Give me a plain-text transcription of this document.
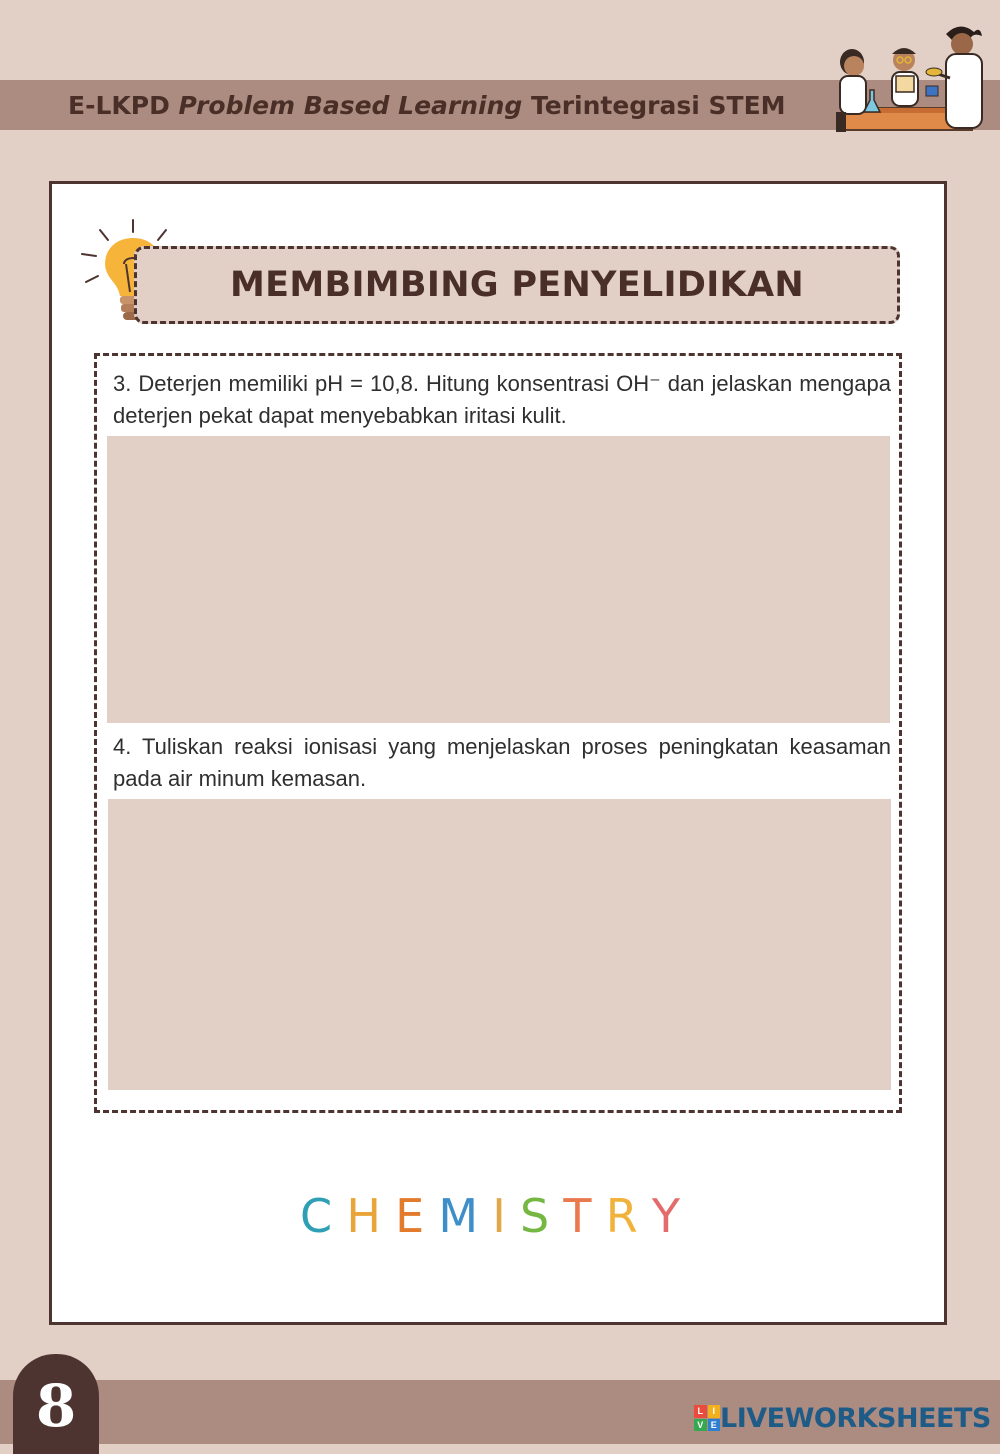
E-LKPD Problem Based Learning Terintegrasi STEM
MEMBIMBING PENYELIDIKAN
3. Deterjen memiliki pH = 10,8. Hitung konsentrasi OH⁻ dan jelaskan mengapa deterjen pekat dapat menyebabkan iritasi kulit.
4. Tuliskan reaksi ionisasi yang menjelaskan proses peningkatan keasaman pada air minum kemasan.
C H E M I S T R Y
8	L	I
V E LIVEWORKSHEETS
